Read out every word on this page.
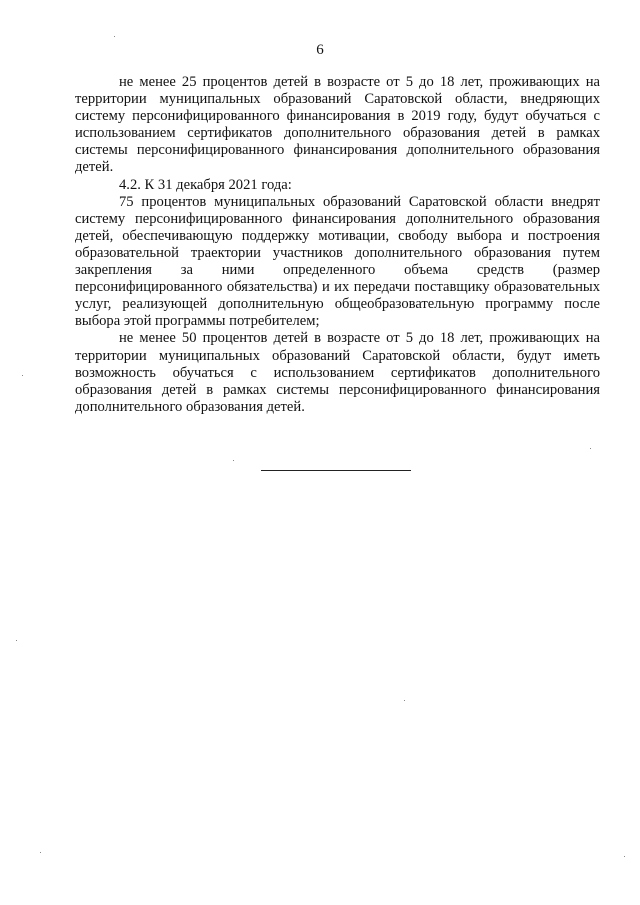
6

не менее 25 процентов детей в возрасте от 5 до 18 лет, проживающих на территории муниципальных образований Саратовской области, внедряющих систему персонифицированного финансирования в 2019 году, будут обучаться с использованием сертификатов дополнительного образования детей в рамках системы персонифицированного финансирования дополнительного образования детей.

4.2. К 31 декабря 2021 года:

75 процентов муниципальных образований Саратовской области внедрят систему персонифицированного финансирования дополнительного образования детей, обеспечивающую поддержку мотивации, свободу выбора и построения образовательной траектории участников дополнительного образования путем закрепления за ними определенного объема средств (размер персонифицированного обязательства) и их передачи поставщику образовательных услуг, реализующей дополнительную общеобразовательную программу после выбора этой программы потребителем;

не менее 50 процентов детей в возрасте от 5 до 18 лет, проживающих на территории муниципальных образований Саратовской области, будут иметь возможность обучаться с использованием сертификатов дополнительного образования детей в рамках системы персонифицированного финансирования дополнительного образования детей.
